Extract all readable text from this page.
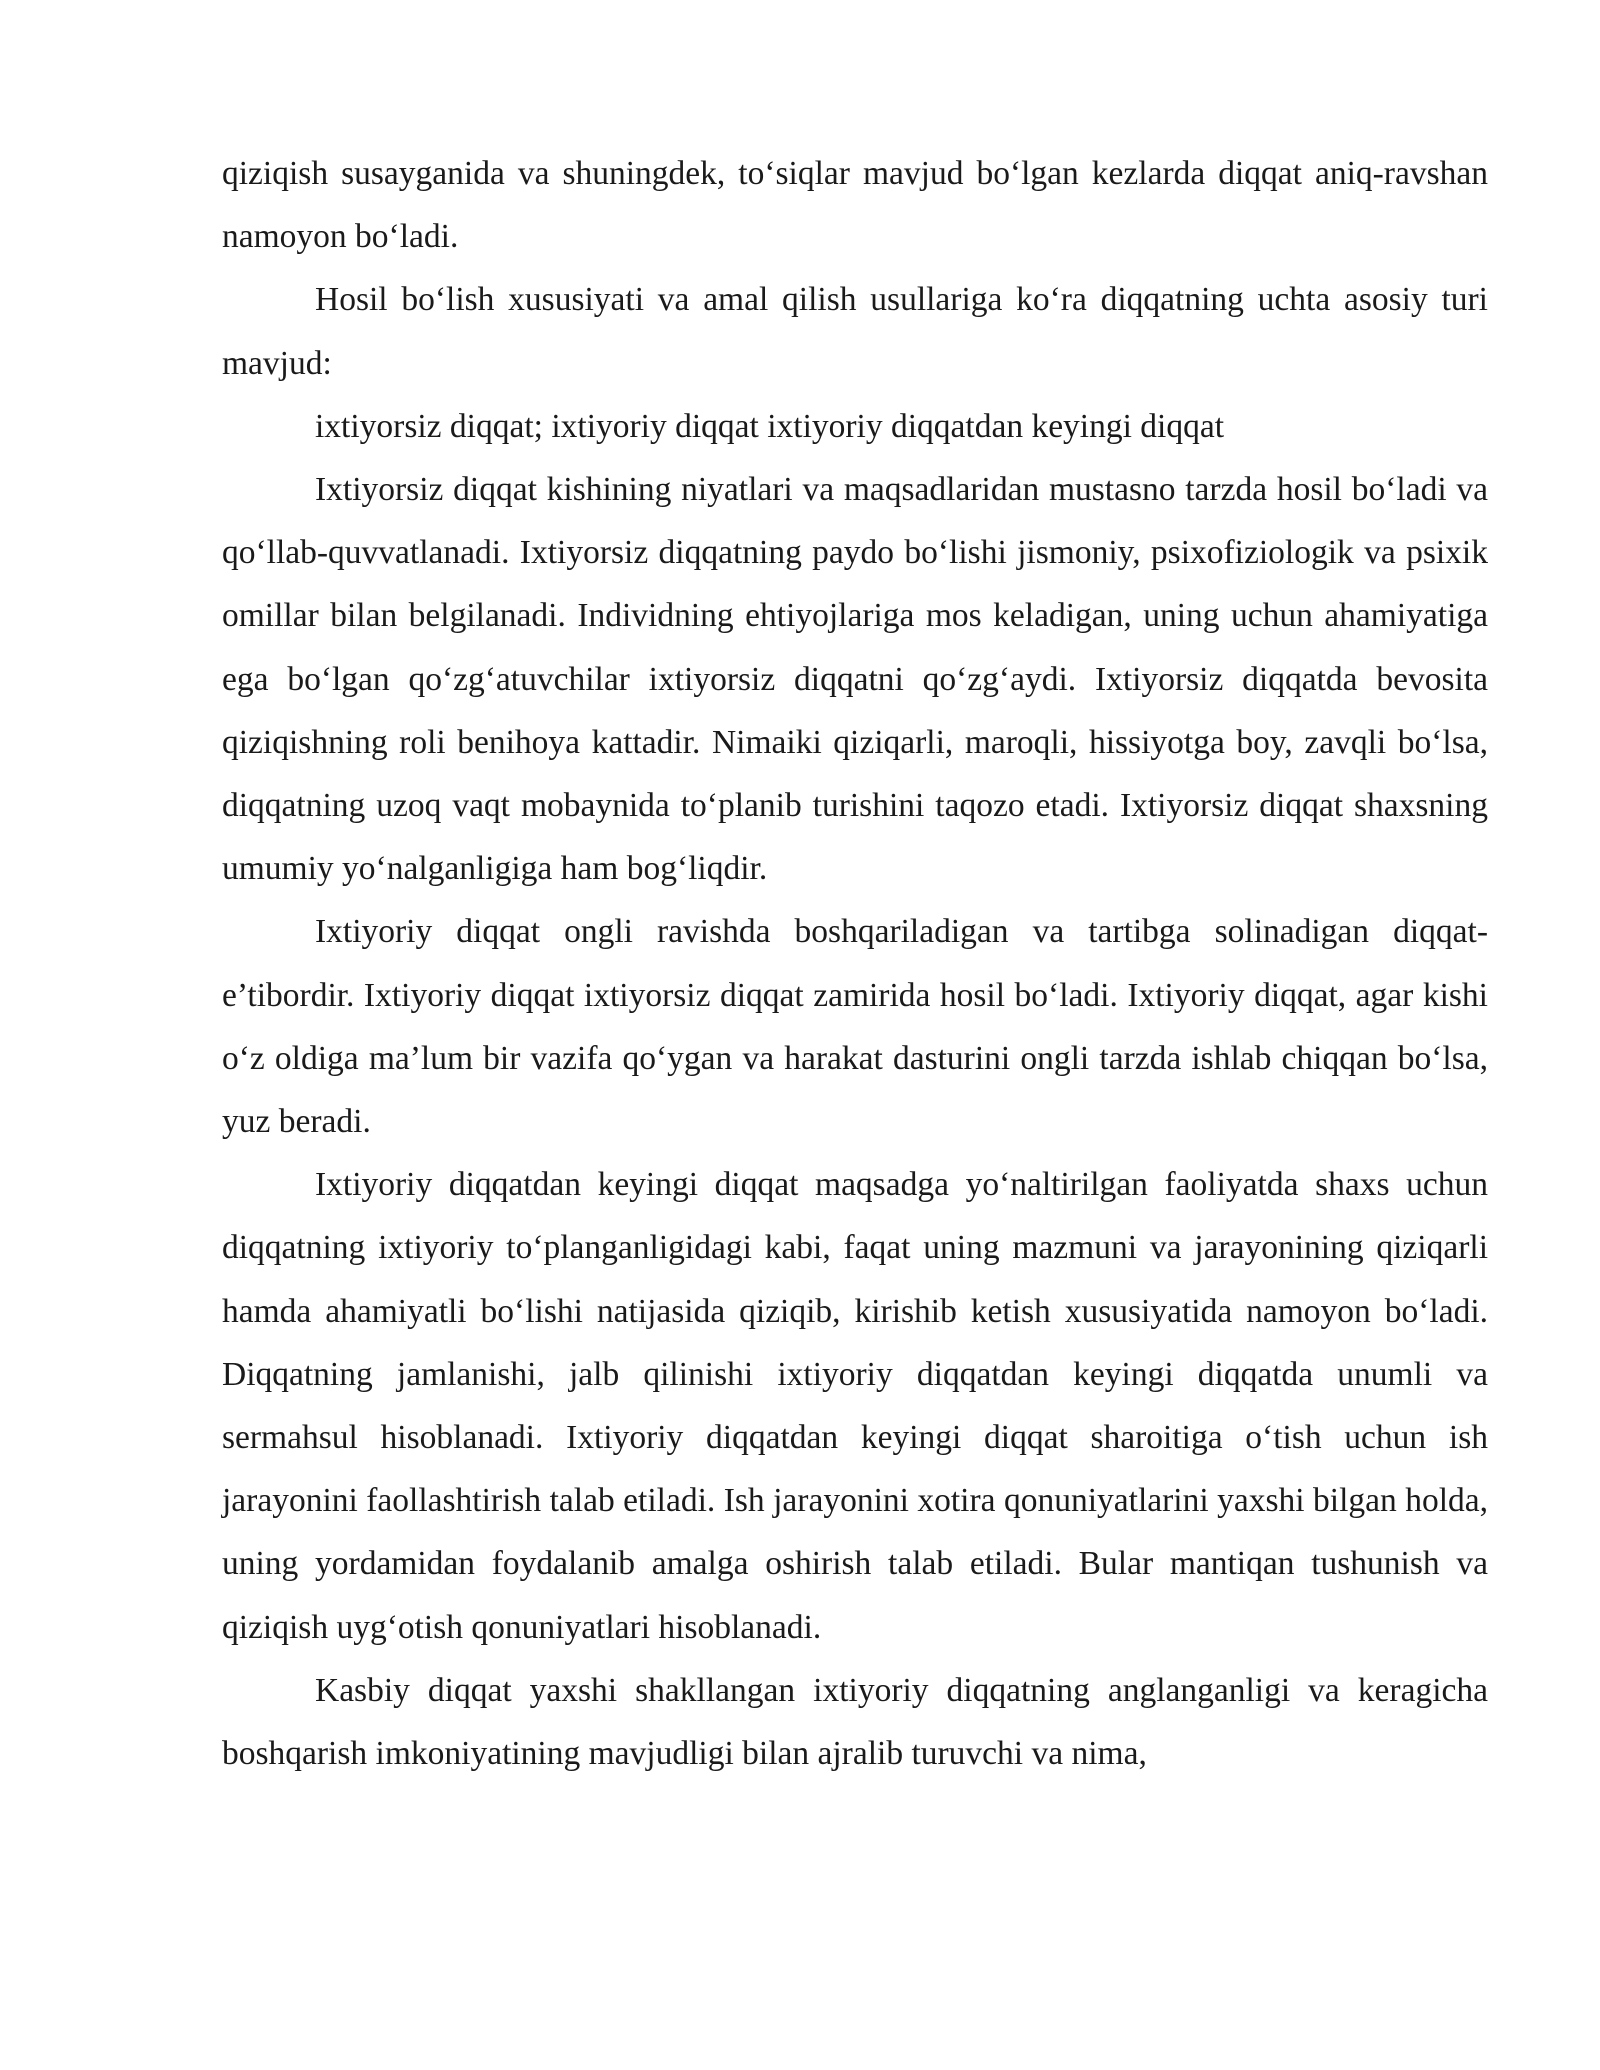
qiziqish susayganida va shuningdek, to‘siqlar mavjud bo‘lgan kezlarda diqqat aniq-ravshan namoyon bo‘ladi.

Hosil bo‘lish xususiyati va amal qilish usullariga ko‘ra diqqatning uchta asosiy turi mavjud:

ixtiyorsiz diqqat; ixtiyoriy diqqat ixtiyoriy diqqatdan keyingi diqqat

Ixtiyorsiz diqqat kishining niyatlari va maqsadlaridan mustasno tarzda hosil bo‘ladi va qo‘llab-quvvatlanadi. Ixtiyorsiz diqqatning paydo bo‘lishi jismoniy, psixofiziologik va psixik omillar bilan belgilanadi. Individning ehtiyojlariga mos keladigan, uning uchun ahamiyatiga ega bo‘lgan qo‘zg‘atuvchilar ixtiyorsiz diqqatni qo‘zg‘aydi. Ixtiyorsiz diqqatda bevosita qiziqishning roli benihoya kattadir. Nimaiki qiziqarli, maroqli, hissiyotga boy, zavqli bo‘lsa, diqqatning uzoq vaqt mobaynida to‘planib turishini taqozo etadi. Ixtiyorsiz diqqat shaxsning umumiy yo‘nalganligiga ham bog‘liqdir.

Ixtiyoriy diqqat ongli ravishda boshqariladigan va tartibga solinadigan diqqat-e’tibordir. Ixtiyoriy diqqat ixtiyorsiz diqqat zamirida hosil bo‘ladi. Ixtiyoriy diqqat, agar kishi o‘z oldiga ma’lum bir vazifa qo‘ygan va harakat dasturini ongli tarzda ishlab chiqqan bo‘lsa, yuz beradi.

Ixtiyoriy diqqatdan keyingi diqqat maqsadga yo‘naltirilgan faoliyatda shaxs uchun diqqatning ixtiyoriy to‘planganligidagi kabi, faqat uning mazmuni va jarayonining qiziqarli hamda ahamiyatli bo‘lishi natijasida qiziqib, kirishib ketish xususiyatida namoyon bo‘ladi. Diqqatning jamlanishi, jalb qilinishi ixtiyoriy diqqatdan keyingi diqqatda unumli va sermahsul hisoblanadi. Ixtiyoriy diqqatdan keyingi diqqat sharoitiga o‘tish uchun ish jarayonini faollashtirish talab etiladi. Ish jarayonini xotira qonuniyatlarini yaxshi bilgan holda, uning yordamidan foydalanib amalga oshirish talab etiladi. Bular mantiqan tushunish va qiziqish uyg‘otish qonuniyatlari hisoblanadi.

Kasbiy diqqat yaxshi shakllangan ixtiyoriy diqqatning anglanganligi va keragicha boshqarish imkoniyatining mavjudligi bilan ajralib turuvchi va nima,
